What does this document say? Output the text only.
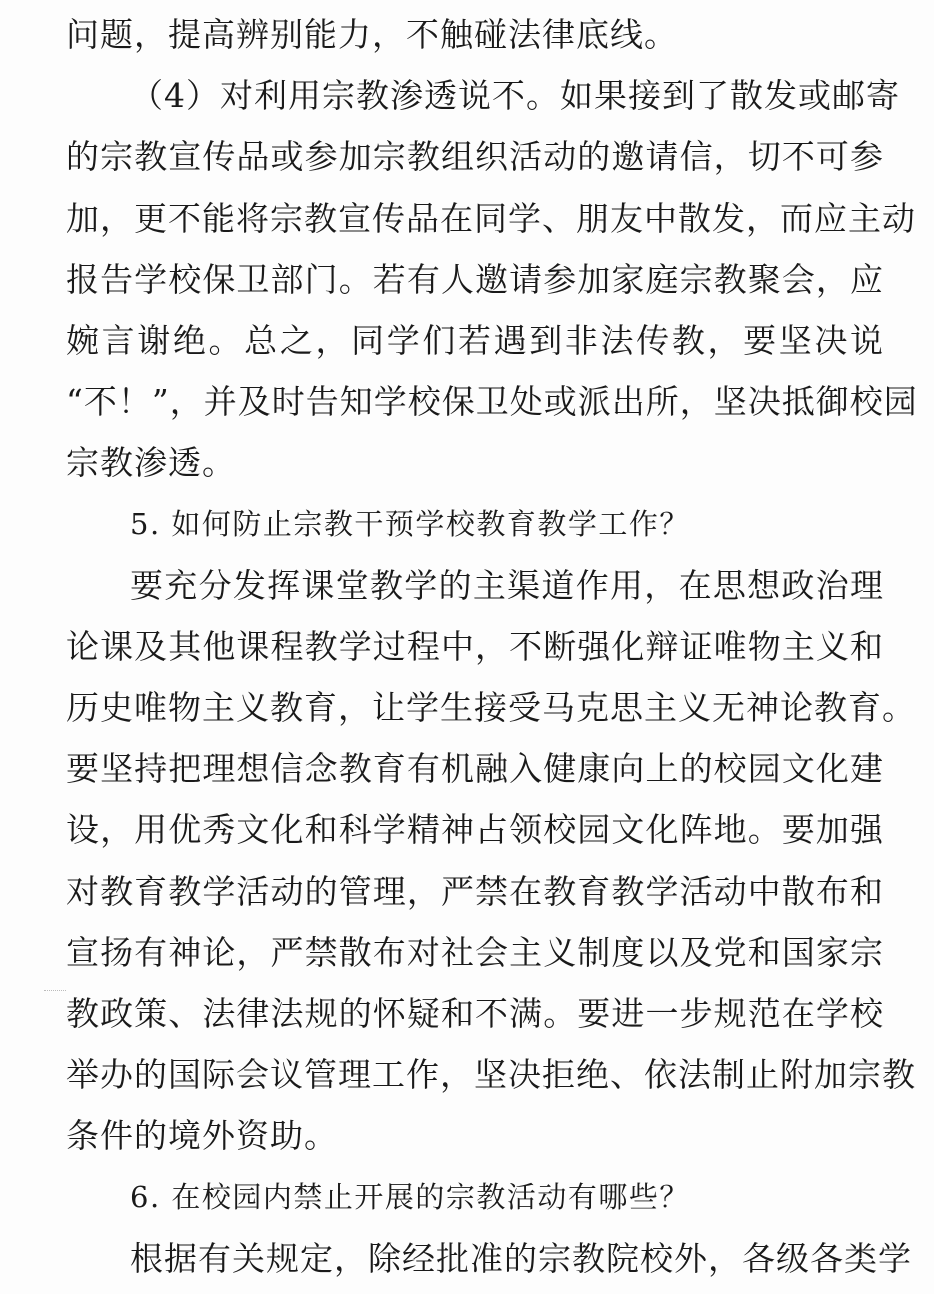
问题，提高辨别能力，不触碰法律底线。
（4）对利用宗教渗透说不。如果接到了散发或邮寄
的宗教宣传品或参加宗教组织活动的邀请信，切不可参
加，更不能将宗教宣传品在同学、朋友中散发，而应主动
报告学校保卫部门。若有人邀请参加家庭宗教聚会，应
婉言谢绝。总之，同学们若遇到非法传教，要坚决说
“不！”，并及时告知学校保卫处或派出所，坚决抵御校园
宗教渗透。
5. 如何防止宗教干预学校教育教学工作？
要充分发挥课堂教学的主渠道作用，在思想政治理
论课及其他课程教学过程中，不断强化辩证唯物主义和
历史唯物主义教育，让学生接受马克思主义无神论教育。
要坚持把理想信念教育有机融入健康向上的校园文化建
设，用优秀文化和科学精神占领校园文化阵地。要加强
对教育教学活动的管理，严禁在教育教学活动中散布和
宣扬有神论，严禁散布对社会主义制度以及党和国家宗
教政策、法律法规的怀疑和不满。要进一步规范在学校
举办的国际会议管理工作，坚决拒绝、依法制止附加宗教
条件的境外资助。
6. 在校园内禁止开展的宗教活动有哪些？
根据有关规定，除经批准的宗教院校外，各级各类学
